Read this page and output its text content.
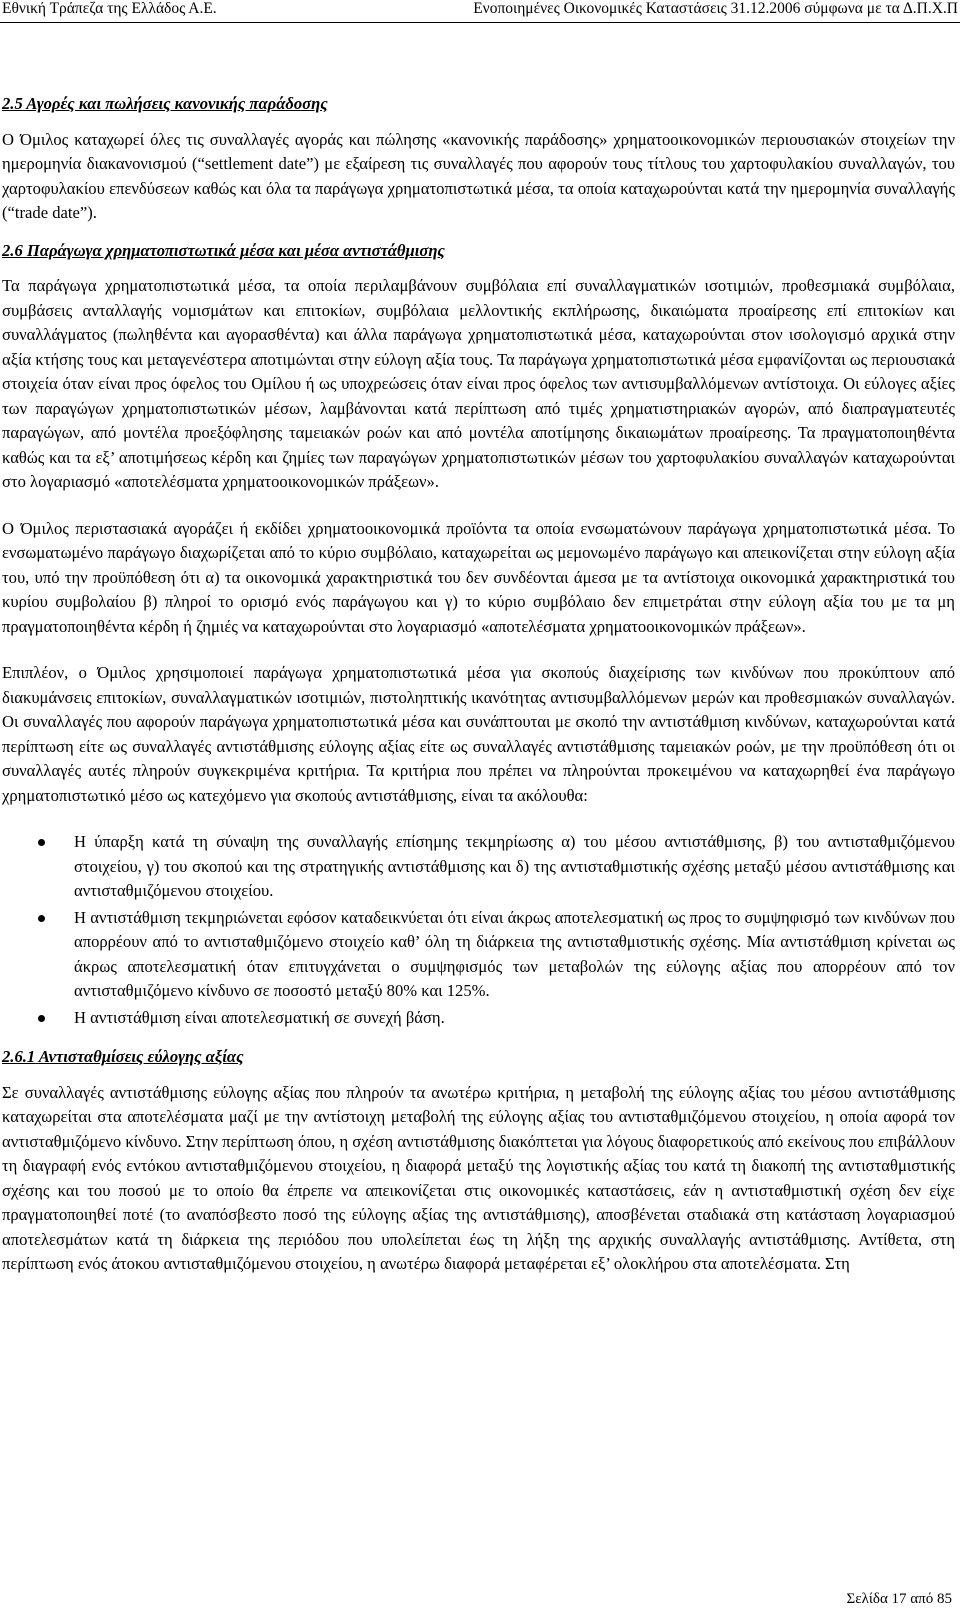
Εθνική Τράπεζα της Ελλάδος Α.Ε.	Ενοποιημένες Οικονομικές Καταστάσεις 31.12.2006 σύμφωνα με τα Δ.Π.Χ.Π
2.5 Αγορές και πωλήσεις κανονικής παράδοσης

Ο Όμιλος καταχωρεί όλες τις συναλλαγές αγοράς και πώλησης «κανονικής παράδοσης» χρηματοοικονομικών περιουσιακών στοιχείων την ημερομηνία διακανονισμού (“settlement date”) με εξαίρεση τις συναλλαγές που αφορούν τους τίτλους του χαρτοφυλακίου συναλλαγών, του χαρτοφυλακίου επενδύσεων καθώς και όλα τα παράγωγα χρηματοπιστωτικά μέσα, τα οποία καταχωρούνται κατά την ημερομηνία συναλλαγής (“trade date”).

2.6 Παράγωγα χρηματοπιστωτικά μέσα και μέσα αντιστάθμισης

Τα παράγωγα χρηματοπιστωτικά μέσα, τα οποία περιλαμβάνουν συμβόλαια επί συναλλαγματικών ισοτιμιών, προθεσμιακά συμβόλαια, συμβάσεις ανταλλαγής νομισμάτων και επιτοκίων, συμβόλαια μελλοντικής εκπλήρωσης, δικαιώματα προαίρεσης επί επιτοκίων και συναλλάγματος (πωληθέντα και αγορασθέντα) και άλλα παράγωγα χρηματοπιστωτικά μέσα, καταχωρούνται στον ισολογισμό αρχικά στην αξία κτήσης τους και μεταγενέστερα αποτιμώνται στην εύλογη αξία τους. Τα παράγωγα χρηματοπιστωτικά μέσα εμφανίζονται ως περιουσιακά στοιχεία όταν είναι προς όφελος του Ομίλου ή ως υποχρεώσεις όταν είναι προς όφελος των αντισυμβαλλόμενων αντίστοιχα. Οι εύλογες αξίες των παραγώγων χρηματοπιστωτικών μέσων, λαμβάνονται κατά περίπτωση από τιμές χρηματιστηριακών αγορών, από διαπραγματευτές παραγώγων, από μοντέλα προεξόφλησης ταμειακών ροών και από μοντέλα αποτίμησης δικαιωμάτων προαίρεσης. Τα πραγματοποιηθέντα καθώς και τα εξ’ αποτιμήσεως κέρδη και ζημίες των παραγώγων χρηματοπιστωτικών μέσων του χαρτοφυλακίου συναλλαγών καταχωρούνται στο λογαριασμό «αποτελέσματα χρηματοοικονομικών πράξεων».

Ο Όμιλος περιστασιακά αγοράζει ή εκδίδει χρηματοοικονομικά προϊόντα τα οποία ενσωματώνουν παράγωγα χρηματοπιστωτικά μέσα. Το ενσωματωμένο παράγωγο διαχωρίζεται από το κύριο συμβόλαιο, καταχωρείται ως μεμονωμένο παράγωγο και απεικονίζεται στην εύλογη αξία του, υπό την προϋπόθεση ότι α) τα οικονομικά χαρακτηριστικά του δεν συνδέονται άμεσα με τα αντίστοιχα οικονομικά χαρακτηριστικά του κυρίου συμβολαίου β) πληροί το ορισμό ενός παράγωγου και γ) το κύριο συμβόλαιο δεν επιμετράται στην εύλογη αξία του με τα μη πραγματοποιηθέντα κέρδη ή ζημιές να καταχωρούνται στο λογαριασμό «αποτελέσματα χρηματοοικονομικών πράξεων».

Επιπλέον, ο Όμιλος χρησιμοποιεί παράγωγα χρηματοπιστωτικά μέσα για σκοπούς διαχείρισης των κινδύνων που προκύπτουν από διακυμάνσεις επιτοκίων, συναλλαγματικών ισοτιμιών, πιστοληπτικής ικανότητας αντισυμβαλλόμενων μερών και προθεσμιακών συναλλαγών. Οι συναλλαγές που αφορούν παράγωγα χρηματοπιστωτικά μέσα και συνάπτουται με σκοπό την αντιστάθμιση κινδύνων, καταχωρούνται κατά περίπτωση είτε ως συναλλαγές αντιστάθμισης εύλογης αξίας είτε ως συναλλαγές αντιστάθμισης ταμειακών ροών, με την προϋπόθεση ότι οι συναλλαγές αυτές πληρούν συγκεκριμένα κριτήρια. Τα κριτήρια που πρέπει να πληρούνται προκειμένου να καταχωρηθεί ένα παράγωγο χρηματοπιστωτικό μέσο ως κατεχόμενο για σκοπούς αντιστάθμισης, είναι τα ακόλουθα:

Η ύπαρξη κατά τη σύναψη της συναλλαγής επίσημης τεκμηρίωσης α) του μέσου αντιστάθμισης, β) του αντισταθμιζόμενου στοιχείου, γ) του σκοπού και της στρατηγικής αντιστάθμισης και δ) της αντισταθμιστικής σχέσης μεταξύ μέσου αντιστάθμισης και αντισταθμιζόμενου στοιχείου.
Η αντιστάθμιση τεκμηριώνεται εφόσον καταδεικνύεται ότι είναι άκρως αποτελεσματική ως προς το συμψηφισμό των κινδύνων που απορρέουν από το αντισταθμιζόμενο στοιχείο καθ’ όλη τη διάρκεια της αντισταθμιστικής σχέσης. Μία αντιστάθμιση κρίνεται ως άκρως αποτελεσματική όταν επιτυγχάνεται ο συμψηφισμός των μεταβολών της εύλογης αξίας που απορρέουν από τον αντισταθμιζόμενο κίνδυνο σε ποσοστό μεταξύ 80% και 125%.
Η αντιστάθμιση είναι αποτελεσματική σε συνεχή βάση.
2.6.1 Αντισταθμίσεις εύλογης αξίας

Σε συναλλαγές αντιστάθμισης εύλογης αξίας που πληρούν τα ανωτέρω κριτήρια, η μεταβολή της εύλογης αξίας του μέσου αντιστάθμισης καταχωρείται στα αποτελέσματα μαζί με την αντίστοιχη μεταβολή της εύλογης αξίας του αντισταθμιζόμενου στοιχείου, η οποία αφορά τον αντισταθμιζόμενο κίνδυνο. Στην περίπτωση όπου, η σχέση αντιστάθμισης διακόπτεται για λόγους διαφορετικούς από εκείνους που επιβάλλουν τη διαγραφή ενός εντόκου αντισταθμιζόμενου στοιχείου, η διαφορά μεταξύ της λογιστικής αξίας του κατά τη διακοπή της αντισταθμιστικής σχέσης και του ποσού με το οποίο θα έπρεπε να απεικονίζεται στις οικονομικές καταστάσεις, εάν η αντισταθμιστική σχέση δεν είχε πραγματοποιηθεί ποτέ (το αναπόσβεστο ποσό της εύλογης αξίας της αντιστάθμισης), αποσβένεται σταδιακά στη κατάσταση λογαριασμού αποτελεσμάτων κατά τη διάρκεια της περιόδου που υπολείπεται έως τη λήξη της αρχικής συναλλαγής αντιστάθμισης. Αντίθετα, στη περίπτωση ενός άτοκου αντισταθμιζόμενου στοιχείου, η ανωτέρω διαφορά μεταφέρεται εξ’ ολοκλήρου στα αποτελέσματα. Στη

Σελίδα 17 από 85
